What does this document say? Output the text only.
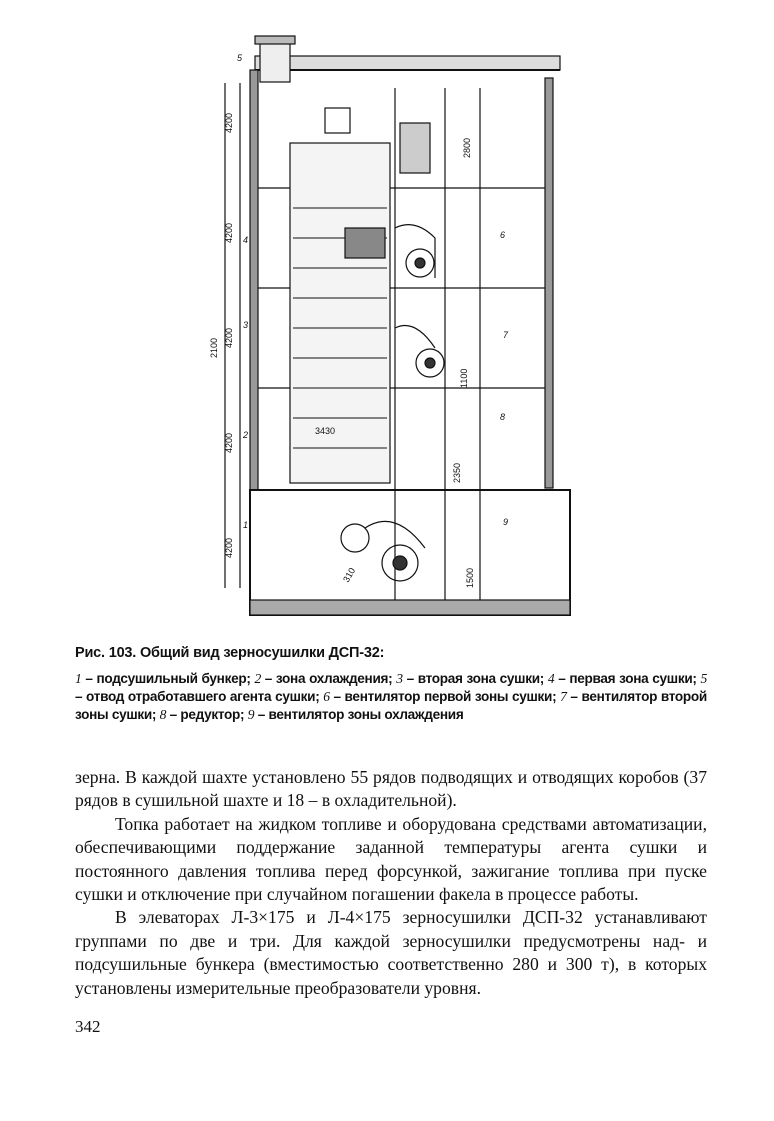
4200
4200
4200
4200
4200
2100
2800
1100
3430
2350
310	1500
1
2
3
4
5
6
7
8
9
Рис. 103. Общий вид зерносушилки ДСП-32:
1 – подсушильный бункер; 2 – зона охлаждения; 3 – вторая зона сушки; 4 – первая зона сушки; 5 – отвод отработавшего агента сушки; 6 – вентилятор первой зоны сушки; 7 – вентилятор второй зоны сушки; 8 – редуктор; 9 – вентилятор зоны охлаждения

зерна. В каждой шахте установлено 55 рядов подводящих и отводящих коробов (37 рядов в сушильной шахте и 18 – в охладительной).

Топка работает на жидком топливе и оборудована средствами автоматизации, обеспечивающими поддержание заданной температуры агента сушки и постоянного давления топлива перед форсункой, зажигание топлива при пуске сушки и отключение при случайном погашении факела в процессе работы.

В элеваторах Л-3×175 и Л-4×175 зерносушилки ДСП-32 устанавливают группами по две и три. Для каждой зерносушилки предусмотрены над- и подсушильные бункера (вместимостью соответственно 280 и 300 т), в которых установлены измерительные преобразователи уровня.

342
